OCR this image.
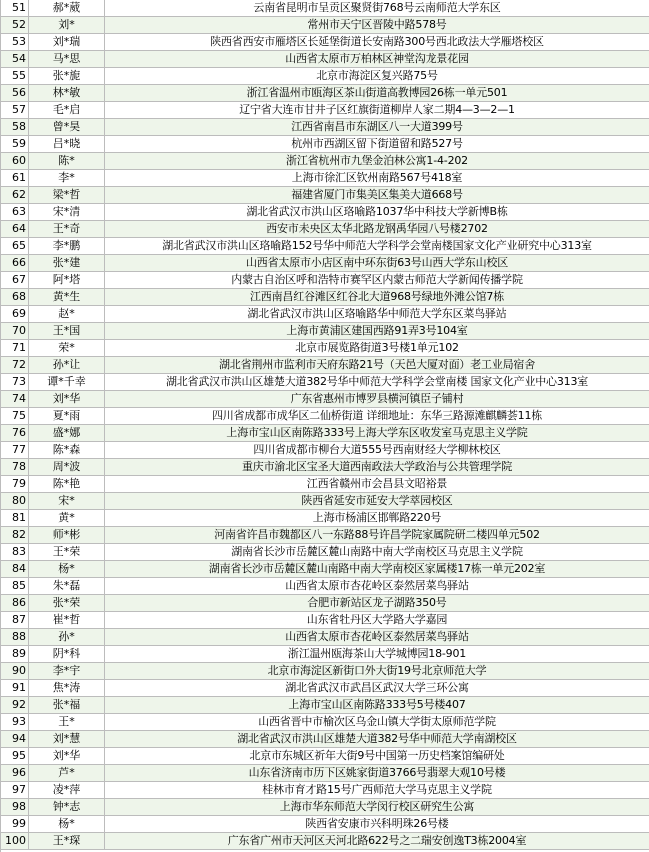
51	郝*葳	云南省昆明市呈贡区聚贤街768号云南师范大学东区
52	刘*	常州市天宁区晋陵中路578号
53	刘*瑞	陕西省西安市雁塔区长延堡街道长安南路300号西北政法大学雁塔校区
54	马*思	山西省太原市万柏林区神堂沟龙景花园
55	张*旎	北京市海淀区复兴路75号
56	林*敏	浙江省温州市瓯海区茶山街道高教博园26栋一单元501
57	毛*启	辽宁省大连市甘井子区红旗街道柳岸人家二期4—3—2—1
58	曾*昊	江西省南昌市东湖区八一大道399号
59	吕*晓	杭州市西湖区留下街道留和路527号
60	陈*	浙江省杭州市九堡金泊林公寓1-4-202
61	李*	上海市徐汇区钦州南路567号418室
62	梁*哲	福建省厦门市集美区集美大道668号
63	宋*清	湖北省武汉市洪山区珞喻路1037华中科技大学新博B栋
64	王*奇	西安市未央区太华北路龙钢禹华园八号楼2702
65	李*鹏	湖北省武汉市洪山区珞喻路152号华中师范大学科学会堂南楼国家文化产业研究中心313室
66	张*建	山西省太原市小店区南中环东街63号山西大学东山校区
67	阿*塔	内蒙古自治区呼和浩特市赛罕区内蒙古师范大学新闻传播学院
68	黄*生	江西南昌红谷滩区红谷北大道968号绿地外滩公馆7栋
69	赵*	湖北省武汉市洪山区珞喻路华中师范大学东区菜鸟驿站
70	王*国	上海市黄浦区建国西路91弄3号104室
71	荣*	北京市展览路街道3号楼1单元102
72	孙*让	湖北省荆州市监利市天府东路21号（天邑大厦对面）老工业局宿舍
73	谭*千幸	湖北省武汉市洪山区雄楚大道382号华中师范大学科学会堂南楼 国家文化产业中心313室
74	刘*华	广东省惠州市博罗县横河镇臣子铺村
75	夏*雨	四川省成都市成华区二仙桥街道 详细地址：东华三路源滩麒麟荟11栋
76	盛*娜	上海市宝山区南陈路333号上海大学东区收发室马克思主义学院
77	陈*森	四川省成都市柳台大道555号西南财经大学柳林校区
78	周*波	重庆市渝北区宝圣大道西南政法大学政治与公共管理学院
79	陈*艳	江西省赣州市会昌县文昭裕景
80	宋*	陕西省延安市延安大学萃园校区
81	黄*	上海市杨浦区邯郸路220号
82	师*彬	河南省许昌市魏都区八一东路88号许昌学院家属院研二楼四单元502
83	王*荣	湖南省长沙市岳麓区麓山南路中南大学南校区马克思主义学院
84	杨*	湖南省长沙市岳麓区麓山南路中南大学南校区家属楼17栋一单元202室
85	朱*磊	山西省太原市杏花岭区泰然居菜鸟驿站
86	张*荣	合肥市新站区龙子湖路350号
87	崔*哲	山东省牡丹区大学路大学嘉园
88	孙*	山西省太原市杏花岭区泰然居菜鸟驿站
89	阴*科	浙江温州瓯海茶山大学城博园18-901
90	李*宇	北京市海淀区新街口外大街19号北京师范大学
91	焦*涛	湖北省武汉市武昌区武汉大学三环公寓
92	张*福	上海市宝山区南陈路333号5号楼407
93	王*	山西省晋中市榆次区乌金山镇大学街太原师范学院
94	刘*慧	湖北省武汉市洪山区雄楚大道382号华中师范大学南湖校区
95	刘*华	北京市东城区祈年大街9号中国第一历史档案馆编研处
96	芦*	山东省济南市历下区姚家街道3766号翡翠大观10号楼
97	凌*萍	桂林市育才路15号广西师范大学马克思主义学院
98	钟*志	上海市华东师范大学闵行校区研究生公寓
99	杨*	陕西省安康市兴科明珠26号楼
100	王*琛	广东省广州市天河区天河北路622号之二瑞安创逸T3栋2004室
